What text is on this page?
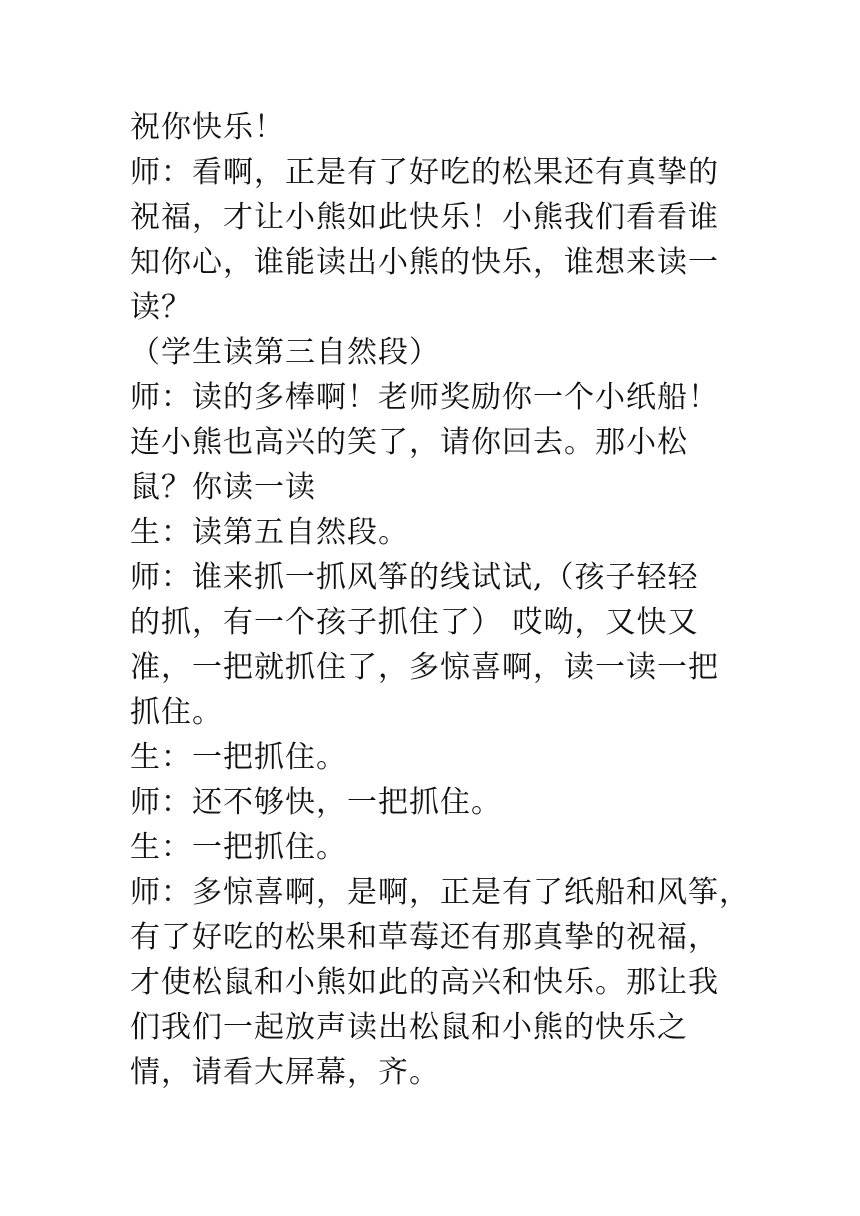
祝你快乐！
师：看啊，正是有了好吃的松果还有真挚的
祝福，才让小熊如此快乐！小熊我们看看谁
知你心，谁能读出小熊的快乐，谁想来读一
读？
（学生读第三自然段）
师：读的多棒啊！老师奖励你一个小纸船！
连小熊也高兴的笑了，请你回去。那小松
鼠？你读一读
生：读第五自然段。
师：谁来抓一抓风筝的线试试,（孩子轻轻
的抓，有一个孩子抓住了） 哎呦，又快又
准，一把就抓住了，多惊喜啊，读一读一把
抓住。
生：一把抓住。
师：还不够快，一把抓住。
生：一把抓住。
师：多惊喜啊，是啊，正是有了纸船和风筝，
有了好吃的松果和草莓还有那真挚的祝福，
才使松鼠和小熊如此的高兴和快乐。那让我
们我们一起放声读出松鼠和小熊的快乐之
情，请看大屏幕，齐。
